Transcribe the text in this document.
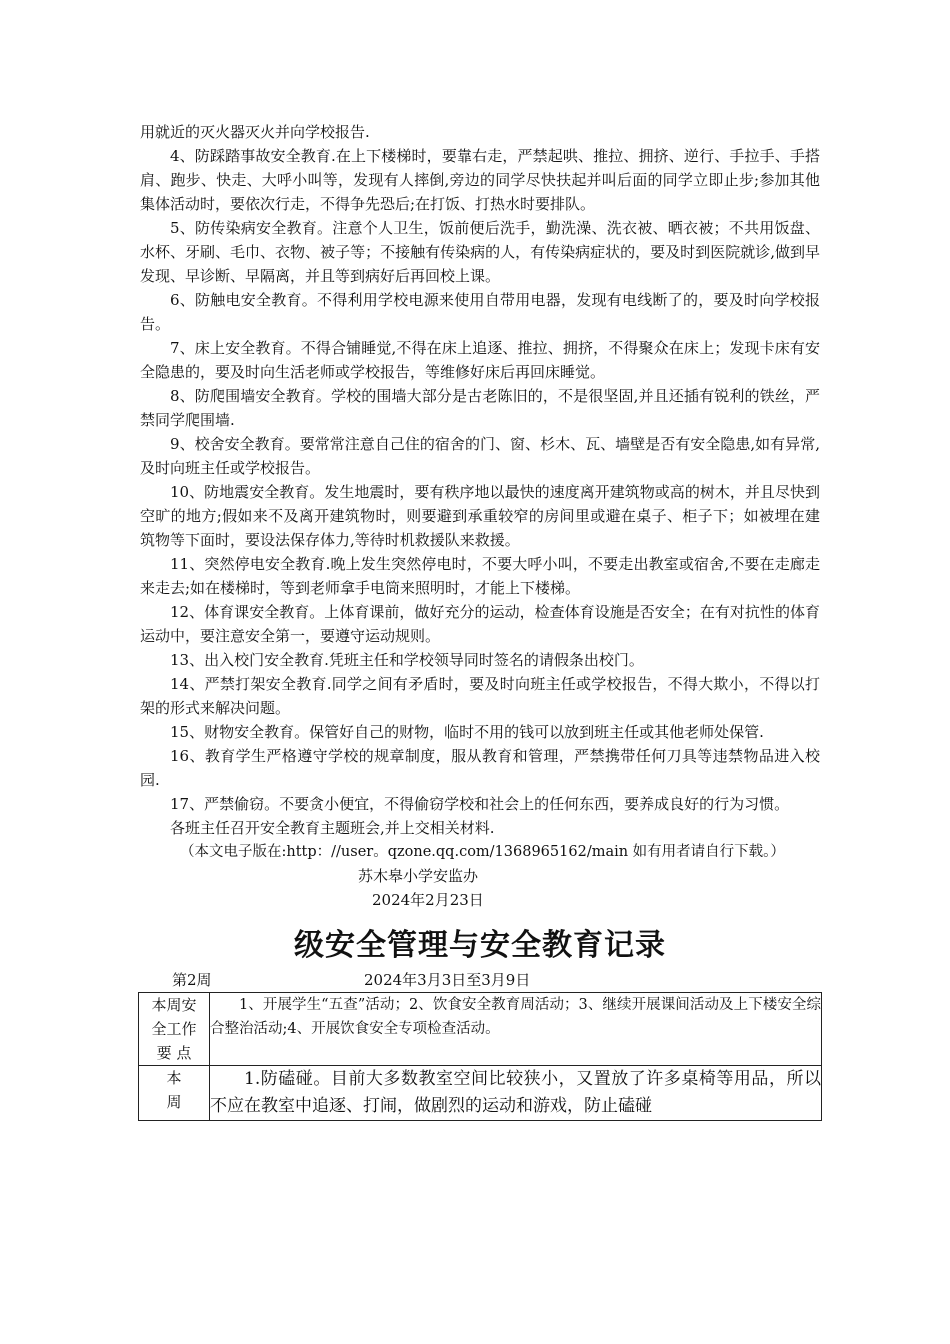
用就近的灭火器灭火并向学校报告.

4、防踩踏事故安全教育.在上下楼梯时，要靠右走，严禁起哄、推拉、拥挤、逆行、手拉手、手搭肩、跑步、快走、大呼小叫等，发现有人摔倒,旁边的同学尽快扶起并叫后面的同学立即止步;参加其他集体活动时，要依次行走，不得争先恐后;在打饭、打热水时要排队。

5、防传染病安全教育。注意个人卫生，饭前便后洗手，勤洗澡、洗衣被、晒衣被；不共用饭盘、水杯、牙刷、毛巾、衣物、被子等；不接触有传染病的人，有传染病症状的，要及时到医院就诊,做到早发现、早诊断、早隔离，并且等到病好后再回校上课。

6、防触电安全教育。不得利用学校电源来使用自带用电器，发现有电线断了的，要及时向学校报告。

7、床上安全教育。不得合铺睡觉,不得在床上追逐、推拉、拥挤，不得聚众在床上；发现卡床有安全隐患的，要及时向生活老师或学校报告，等维修好床后再回床睡觉。

8、防爬围墙安全教育。学校的围墙大部分是古老陈旧的，不是很坚固,并且还插有锐利的铁丝，严禁同学爬围墙.

9、校舍安全教育。要常常注意自己住的宿舍的门、窗、杉木、瓦、墙壁是否有安全隐患,如有异常,及时向班主任或学校报告。

10、防地震安全教育。发生地震时，要有秩序地以最快的速度离开建筑物或高的树木，并且尽快到空旷的地方;假如来不及离开建筑物时，则要避到承重较窄的房间里或避在桌子、柜子下；如被埋在建筑物等下面时，要设法保存体力,等待时机救援队来救援。

11、突然停电安全教育.晚上发生突然停电时，不要大呼小叫，不要走出教室或宿舍,不要在走廊走来走去;如在楼梯时，等到老师拿手电筒来照明时，才能上下楼梯。

12、体育课安全教育。上体育课前，做好充分的运动，检查体育设施是否安全；在有对抗性的体育运动中，要注意安全第一，要遵守运动规则。

13、出入校门安全教育.凭班主任和学校领导同时签名的请假条出校门。

14、严禁打架安全教育.同学之间有矛盾时，要及时向班主任或学校报告，不得大欺小，不得以打架的形式来解决问题。

15、财物安全教育。保管好自己的财物，临时不用的钱可以放到班主任或其他老师处保管.

16、教育学生严格遵守学校的规章制度，服从教育和管理，严禁携带任何刀具等违禁物品进入校园.

17、严禁偷窃。不要贪小便宜，不得偷窃学校和社会上的任何东西，要养成良好的行为习惯。

各班主任召开安全教育主题班会,并上交相关材料.

（本文电子版在:http：//user。qzone.qq.com/1368965162/main 如有用者请自行下载。）

苏木皋小学安监办

2024年2月23日

级安全管理与安全教育记录
第2周	2024年3月3日至3月9日
本周安
全工作
要 点	1、开展学生“五查”活动；2、饮食安全教育周活动；3、继续开展课间活动及上下楼安全综合整治活动;4、开展饮食安全专项检查活动。

本
周	1.防磕碰。目前大多数教室空间比较狭小，又置放了许多桌椅等用品，所以不应在教室中追逐、打闹，做剧烈的运动和游戏，防止磕碰
